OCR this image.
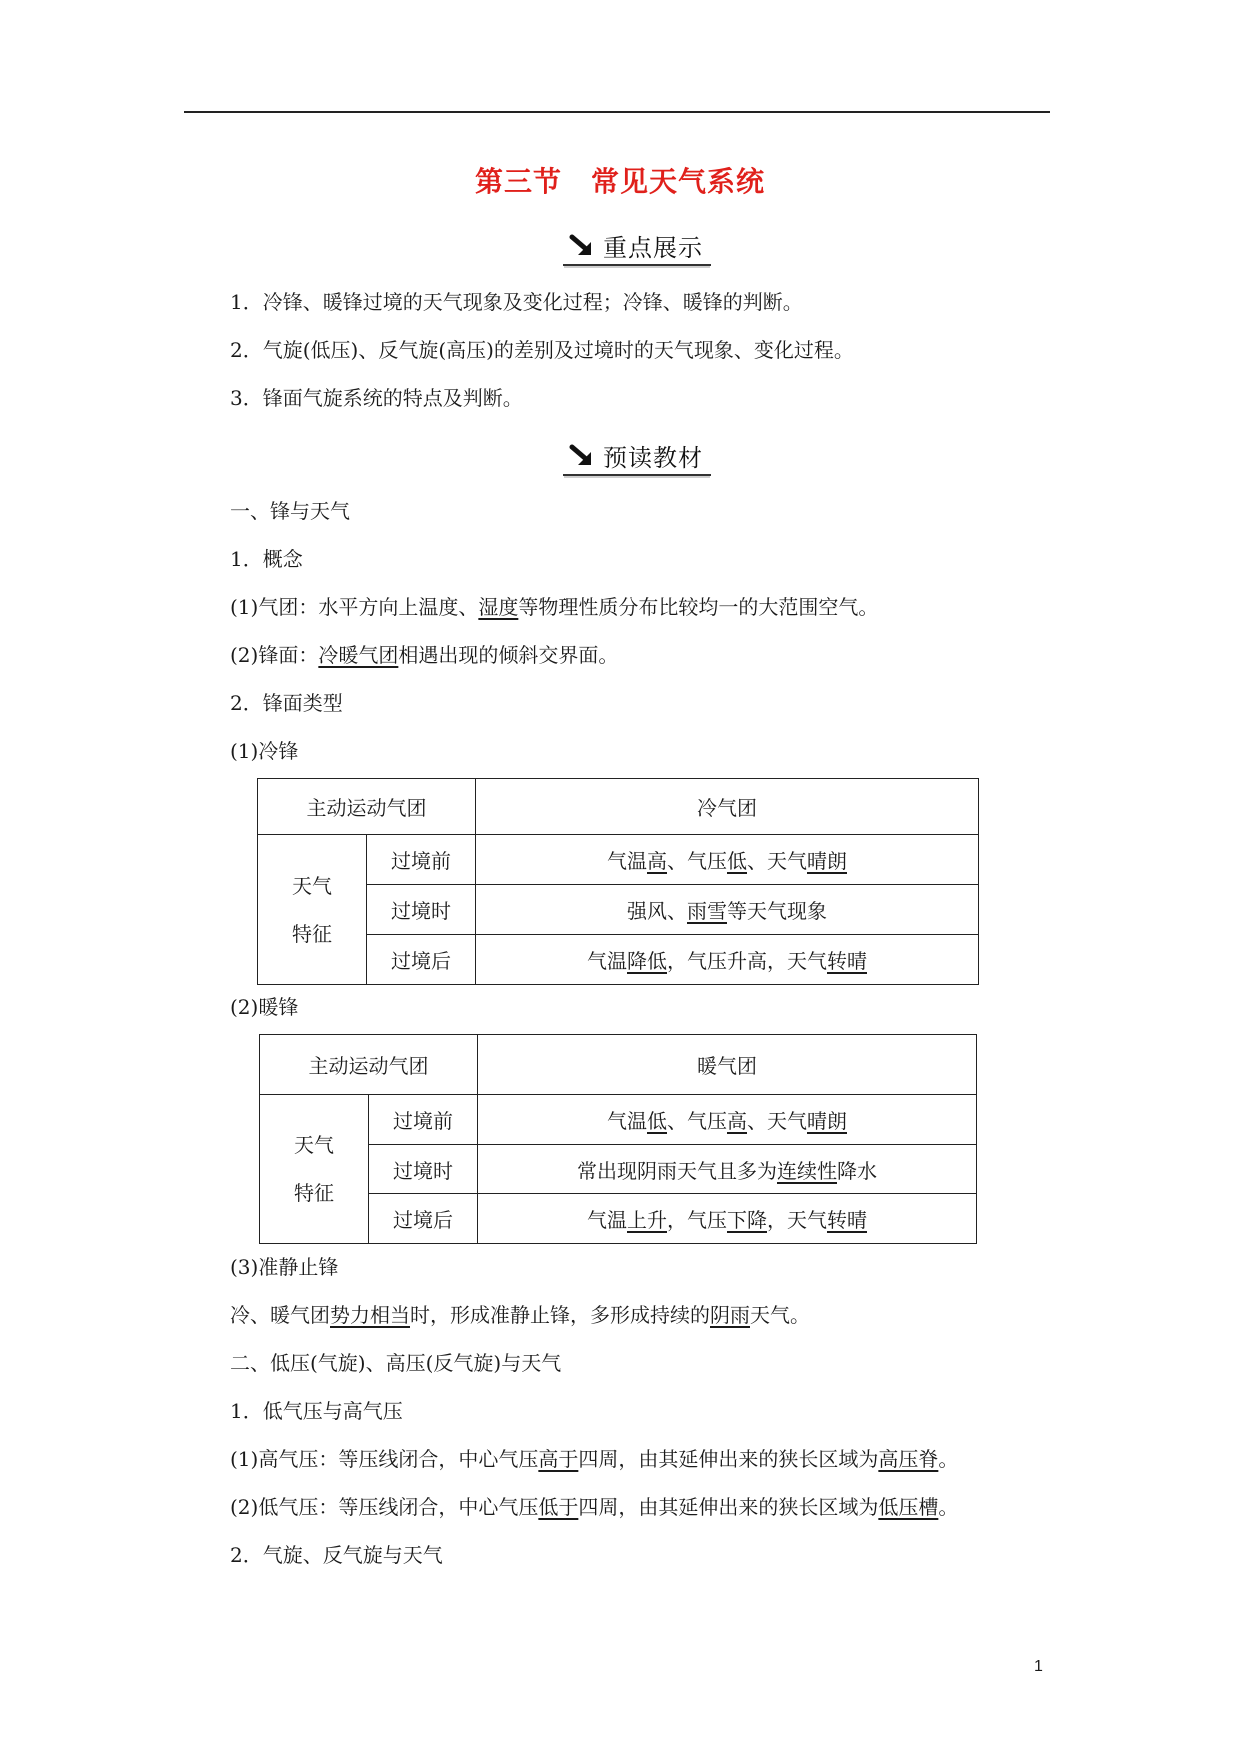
第三节　常见天气系统
重点展示
1．冷锋、暖锋过境的天气现象及变化过程；冷锋、暖锋的判断。
2．气旋(低压)、反气旋(高压)的差别及过境时的天气现象、变化过程。
3．锋面气旋系统的特点及判断。
预读教材
一、锋与天气
1．概念
(1)气团：水平方向上温度、湿度等物理性质分布比较均一的大范围空气。
(2)锋面：冷暖气团相遇出现的倾斜交界面。
2．锋面类型
(1)冷锋
主动运动气团		冷气团
天气
特征	过境前	气温高、气压低、天气晴朗
	过境时	强风、雨雪等天气现象
	过境后	气温降低，气压升高，天气转晴
(2)暖锋
主动运动气团		暖气团
天气
特征	过境前	气温低、气压高、天气晴朗
	过境时	常出现阴雨天气且多为连续性降水
	过境后	气温上升，气压下降，天气转晴
(3)准静止锋
冷、暖气团势力相当时，形成准静止锋，多形成持续的阴雨天气。
二、低压(气旋)、高压(反气旋)与天气
1．低气压与高气压
(1)高气压：等压线闭合，中心气压高于四周，由其延伸出来的狭长区域为高压脊。
(2)低气压：等压线闭合，中心气压低于四周，由其延伸出来的狭长区域为低压槽。
2．气旋、反气旋与天气
1
